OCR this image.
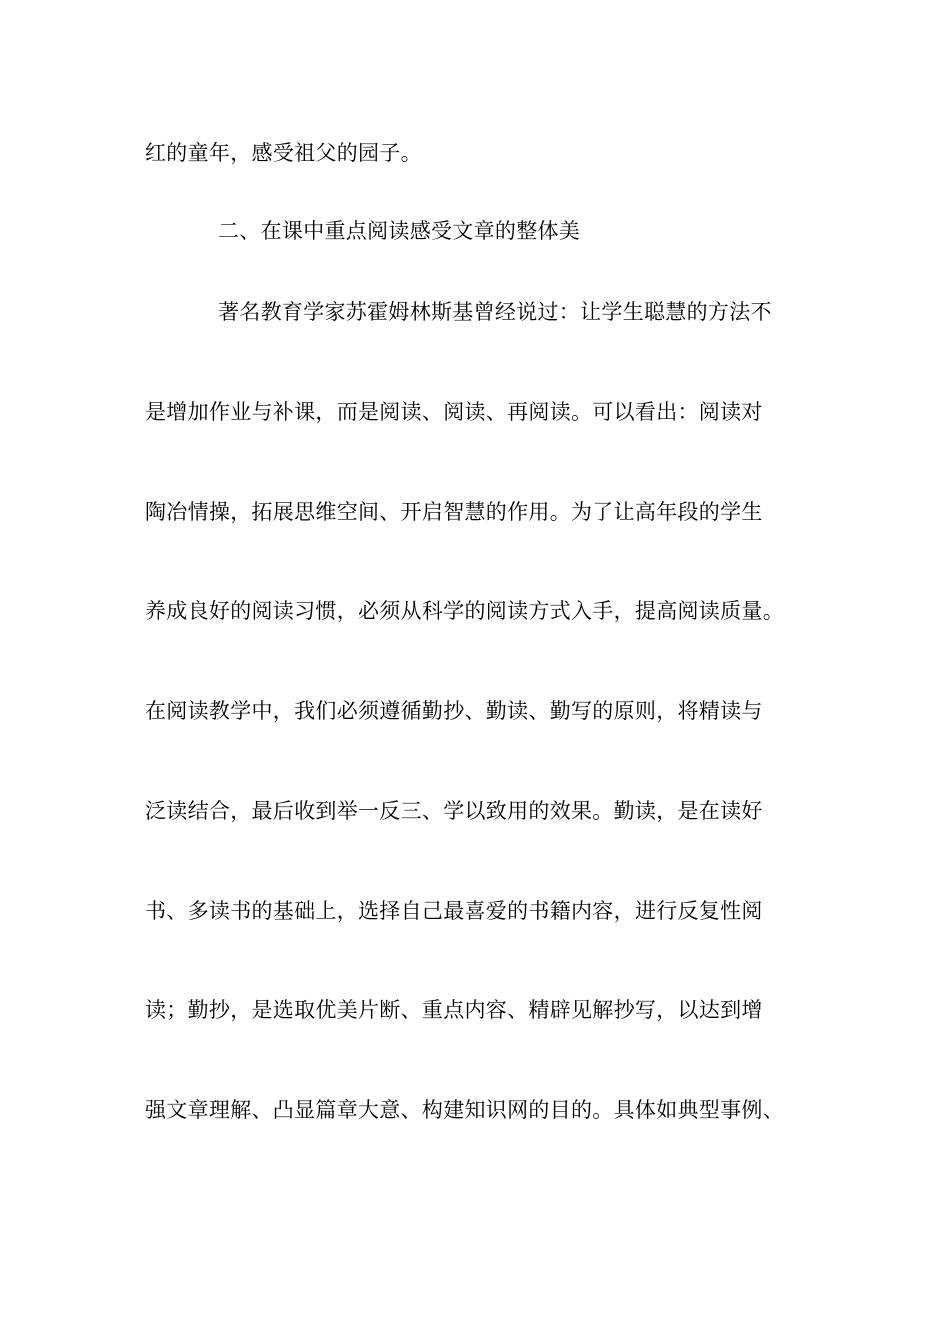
红的童年，感受祖父的园子。
二、在课中重点阅读感受文章的整体美
著名教育学家苏霍姆林斯基曾经说过：让学生聪慧的方法不
是增加作业与补课，而是阅读、阅读、再阅读。可以看出：阅读对
陶冶情操，拓展思维空间、开启智慧的作用。为了让高年段的学生
养成良好的阅读习惯，必须从科学的阅读方式入手，提高阅读质量。
在阅读教学中，我们必须遵循勤抄、勤读、勤写的原则，将精读与
泛读结合，最后收到举一反三、学以致用的效果。勤读，是在读好
书、多读书的基础上，选择自己最喜爱的书籍内容，进行反复性阅
读；勤抄，是选取优美片断、重点内容、精辟见解抄写，以达到增
强文章理解、凸显篇章大意、构建知识网的目的。具体如典型事例、
